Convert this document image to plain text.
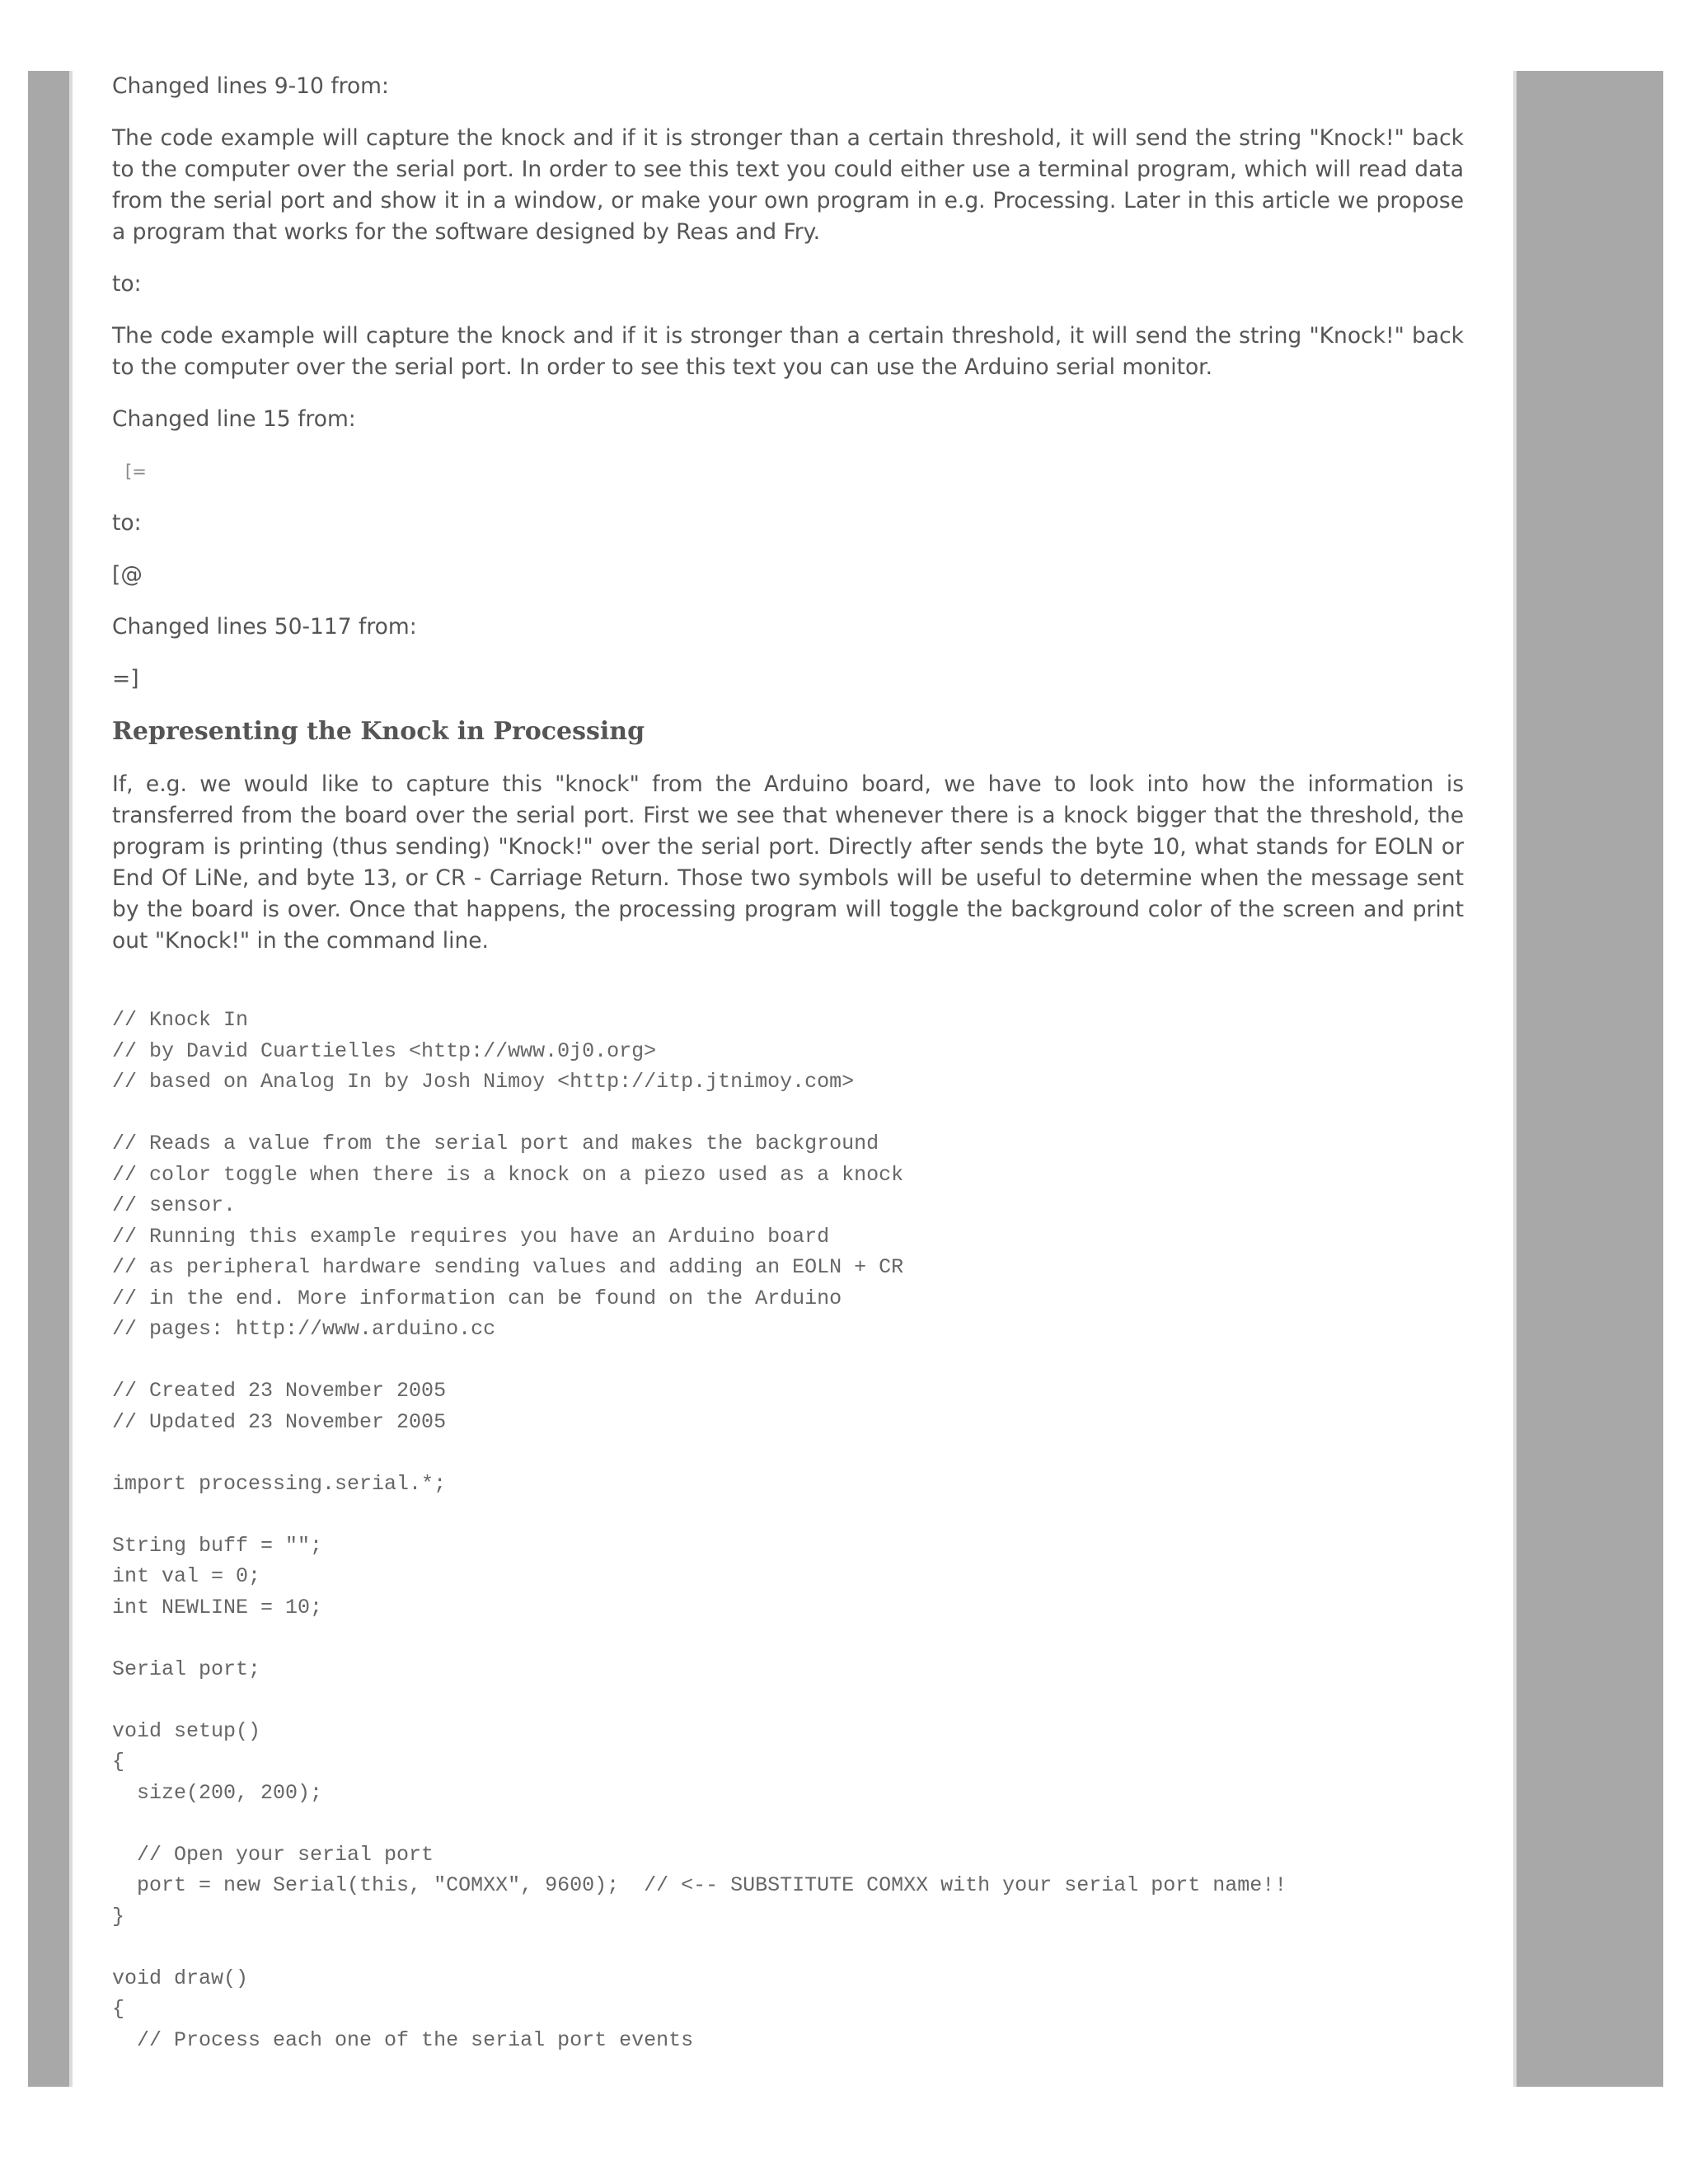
Changed lines 9-10 from:

The code example will capture the knock and if it is stronger than a certain threshold, it will send the string "Knock!" back to the computer over the serial port. In order to see this text you could either use a terminal program, which will read data from the serial port and show it in a window, or make your own program in e.g. Processing. Later in this article we propose a program that works for the software designed by Reas and Fry.

to:

The code example will capture the knock and if it is stronger than a certain threshold, it will send the string "Knock!" back to the computer over the serial port. In order to see this text you can use the Arduino serial monitor.

Changed line 15 from:
[=
to:
[@
Changed lines 50-117 from:
=]
Representing the Knock in Processing

If, e.g. we would like to capture this "knock" from the Arduino board, we have to look into how the information is transferred from the board over the serial port. First we see that whenever there is a knock bigger that the threshold, the program is printing (thus sending) "Knock!" over the serial port. Directly after sends the byte 10, what stands for EOLN or End Of LiNe, and byte 13, or CR - Carriage Return. Those two symbols will be useful to determine when the message sent by the board is over. Once that happens, the processing program will toggle the background color of the screen and print out "Knock!" in the command line.

// Knock In
// by David Cuartielles <http://www.0j0.org>
// based on Analog In by Josh Nimoy <http://itp.jtnimoy.com>

// Reads a value from the serial port and makes the background
// color toggle when there is a knock on a piezo used as a knock
// sensor.
// Running this example requires you have an Arduino board
// as peripheral hardware sending values and adding an EOLN + CR
// in the end. More information can be found on the Arduino
// pages: http://www.arduino.cc

// Created 23 November 2005
// Updated 23 November 2005

import processing.serial.*;

String buff = "";
int val = 0;
int NEWLINE = 10;

Serial port;

void setup()
{
size(200, 200);

// Open your serial port
port = new Serial(this, "COMXX", 9600);  // <-- SUBSTITUTE COMXX with your serial port name!!
}

void draw()
{
// Process each one of the serial port events
